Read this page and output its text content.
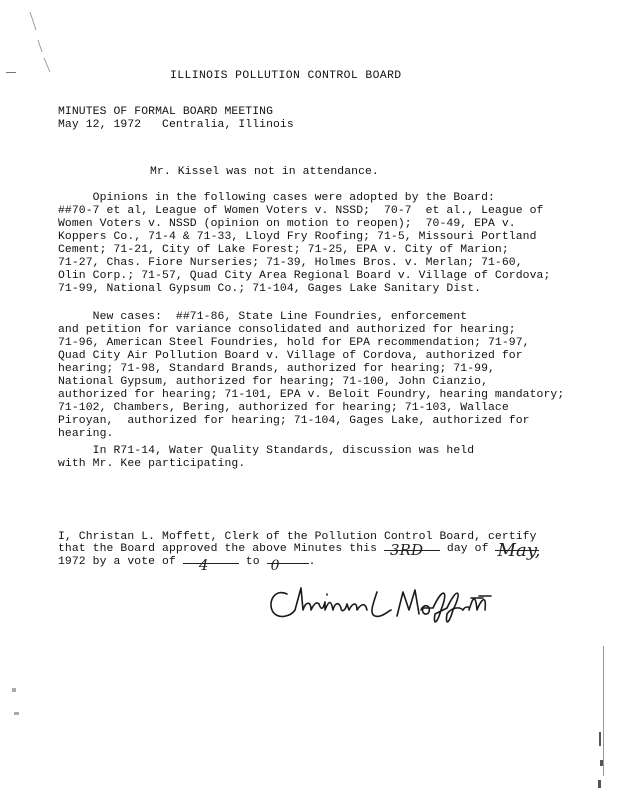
ILLINOIS POLLUTION CONTROL BOARD
MINUTES OF FORMAL BOARD MEETING
May 12, 1972   Centralia, Illinois
Mr. Kissel was not in attendance.
Opinions in the following cases were adopted by the Board:
##70-7 et al, League of Women Voters v. NSSD;  70-7  et al., League of
Women Voters v. NSSD (opinion on motion to reopen);  70-49, EPA v.
Koppers Co., 71-4 & 71-33, Lloyd Fry Roofing; 71-5, Missouri Portland
Cement; 71-21, City of Lake Forest; 71-25, EPA v. City of Marion;
71-27, Chas. Fiore Nurseries; 71-39, Holmes Bros. v. Merlan; 71-60,
Olin Corp.; 71-57, Quad City Area Regional Board v. Village of Cordova;
71-99, National Gypsum Co.; 71-104, Gages Lake Sanitary Dist.
New cases:  ##71-86, State Line Foundries, enforcement
and petition for variance consolidated and authorized for hearing;
71-96, American Steel Foundries, hold for EPA recommendation; 71-97,
Quad City Air Pollution Board v. Village of Cordova, authorized for
hearing; 71-98, Standard Brands, authorized for hearing; 71-99,
National Gypsum, authorized for hearing; 71-100, John Cianzio,
authorized for hearing; 71-101, EPA v. Beloit Foundry, hearing mandatory;
71-102, Chambers, Bering, authorized for hearing; 71-103, Wallace
Piroyan,  authorized for hearing; 71-104, Gages Lake, authorized for
hearing.
In R71-14, Water Quality Standards, discussion was held
with Mr. Kee participating.
I, Christan L. Moffett, Clerk of the Pollution Control Board, certify
that the Board approved the above Minutes this 3RD day of May,
1972 by a vote of 4	to 0	.
